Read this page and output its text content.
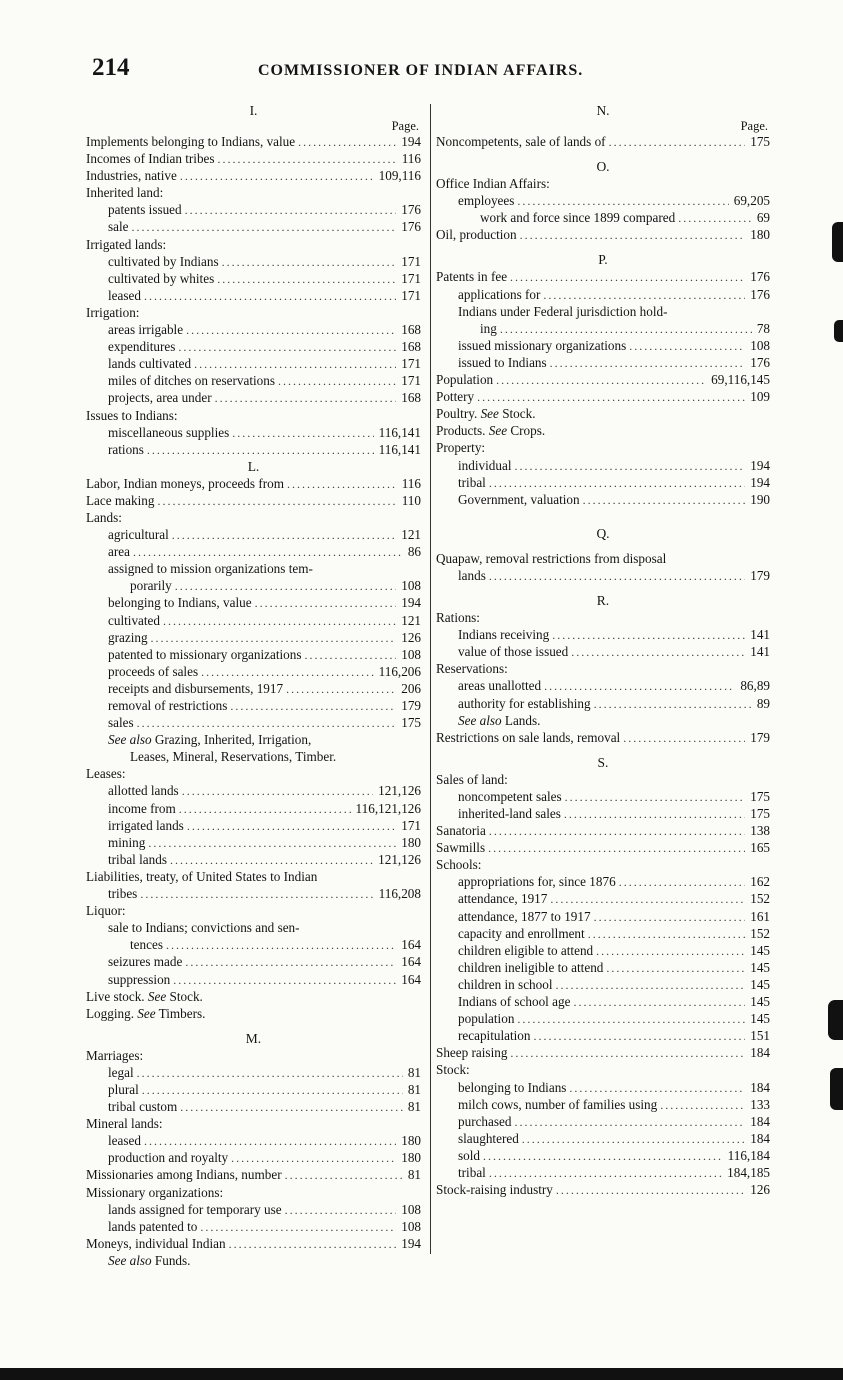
214	COMMISSIONER OF INDIAN AFFAIRS.
I.
Page.
Implements belonging to Indians, value .....	194
Incomes of Indian tribes .....	116
Industries, native .....	109,116
Inherited land:
patents issued .....	176
sale .....	176
Irrigated lands:
cultivated by Indians .....	171
cultivated by whites .....	171
leased .....	171
Irrigation:
areas irrigable .....	168
expenditures .....	168
lands cultivated .....	171
miles of ditches on reservations .....	171
projects, area under .....	168
Issues to Indians:
miscellaneous supplies .....	116,141
rations .....	116,141
L.
Labor, Indian moneys, proceeds from .....	116
Lace making .....	110
Lands:
agricultural .....	121
area .....	86
assigned to mission organizations tem-
porarily .....	108
belonging to Indians, value .....	194
cultivated .....	121
grazing .....	126
patented to missionary organizations .....	108
proceeds of sales .....	116,206
receipts and disbursements, 1917 .....	206
removal of restrictions .....	179
sales .....	175
See also Grazing, Inherited, Irrigation,
Leases, Mineral, Reservations, Timber.
Leases:
allotted lands .....	121,126
income from .....	116,121,126
irrigated lands .....	171
mining .....	180
tribal lands .....	121,126
Liabilities, treaty, of United States to Indian
tribes .....	116,208
Liquor:
sale to Indians; convictions and sen-
tences .....	164
seizures made .....	164
suppression .....	164
Live stock. See Stock.
Logging. See Timbers.
M.
Marriages:
legal .....	81
plural .....	81
tribal custom .....	81
Mineral lands:
leased .....	180
production and royalty .....	180
Missionaries among Indians, number .....	81
Missionary organizations:
lands assigned for temporary use .....	108
lands patented to .....	108
Moneys, individual Indian .....	194
See also Funds.
N.
Page.
Noncompetents, sale of lands of .....	175
O.
Office Indian Affairs:
employees .....	69,205
work and force since 1899 compared .....	69
Oil, production .....	180
P.
Patents in fee .....	176
applications for .....	176
Indians under Federal jurisdiction hold-
ing .....	78
issued missionary organizations .....	108
issued to Indians .....	176
Population .....	69,116,145
Pottery .....	109
Poultry. See Stock.
Products. See Crops.
Property:
individual .....	194
tribal .....	194
Government, valuation .....	190
Q.
Quapaw, removal restrictions from disposal
lands .....	179
R.
Rations:
Indians receiving .....	141
value of those issued .....	141
Reservations:
areas unallotted .....	86,89
authority for establishing .....	89
See also Lands.
Restrictions on sale lands, removal .....	179
S.
Sales of land:
noncompetent sales .....	175
inherited-land sales .....	175
Sanatoria .....	138
Sawmills .....	165
Schools:
appropriations for, since 1876 .....	162
attendance, 1917 .....	152
attendance, 1877 to 1917 .....	161
capacity and enrollment .....	152
children eligible to attend .....	145
children ineligible to attend .....	145
children in school .....	145
Indians of school age .....	145
population .....	145
recapitulation .....	151
Sheep raising .....	184
Stock:
belonging to Indians .....	184
milch cows, number of families using .....	133
purchased .....	184
slaughtered .....	184
sold .....	116,184
tribal .....	184,185
Stock-raising industry .....	126
